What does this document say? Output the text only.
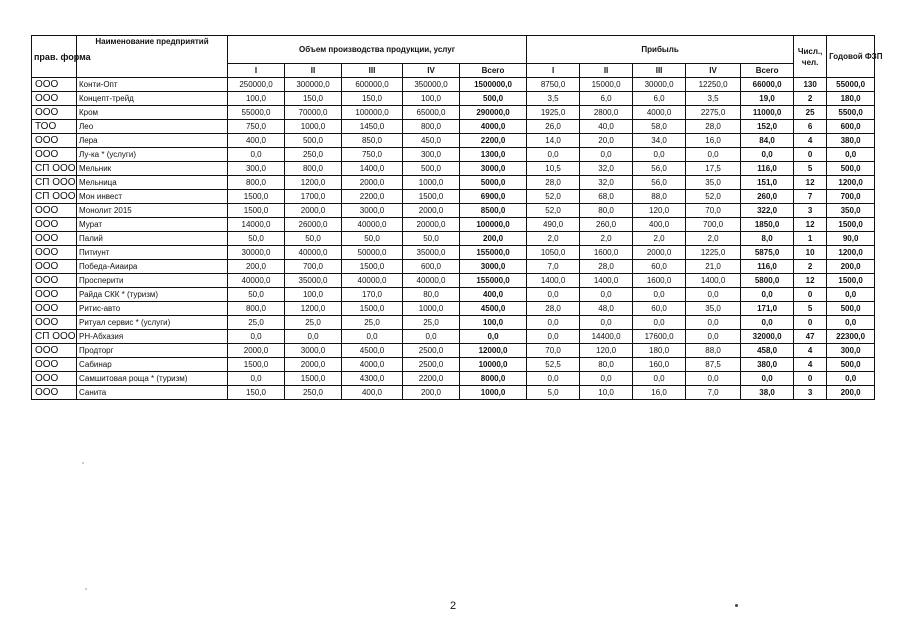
прав. форма	Наименование предприятий	Объем производства продукции, услуг					Прибыль					Числ., чел.	Годовой ФЗП
		I	II	III	IV	Всего	I	II	III	IV	Всего		
ООО	Конти-Опт	250000,0	300000,0	600000,0	350000,0	1500000,0	8750,0	15000,0	30000,0	12250,0	66000,0	130	55000,0
ООО	Концепт-трейд	100,0	150,0	150,0	100,0	500,0	3,5	6,0	6,0	3,5	19,0	2	180,0
ООО	Кром	55000,0	70000,0	100000,0	65000,0	290000,0	1925,0	2800,0	4000,0	2275,0	11000,0	25	5500,0
ТОО	Лео	750,0	1000,0	1450,0	800,0	4000,0	26,0	40,0	58,0	28,0	152,0	6	600,0
ООО	Лера	400,0	500,0	850,0	450,0	2200,0	14,0	20,0	34,0	16,0	84,0	4	380,0
ООО	Лу-ка * (услуги)	0,0	250,0	750,0	300,0	1300,0	0,0	0,0	0,0	0,0	0,0	0	0,0
СП ООО	Мельник	300,0	800,0	1400,0	500,0	3000,0	10,5	32,0	56,0	17,5	116,0	5	500,0
СП ООО	Мельница	800,0	1200,0	2000,0	1000,0	5000,0	28,0	32,0	56,0	35,0	151,0	12	1200,0
СП ООО	Мон инвест	1500,0	1700,0	2200,0	1500,0	6900,0	52,0	68,0	88,0	52,0	260,0	7	700,0
ООО	Монолит 2015	1500,0	2000,0	3000,0	2000,0	8500,0	52,0	80,0	120,0	70,0	322,0	3	350,0
ООО	Мурат	14000,0	26000,0	40000,0	20000,0	100000,0	490,0	260,0	400,0	700,0	1850,0	12	1500,0
ООО	Палий	50,0	50,0	50,0	50,0	200,0	2,0	2,0	2,0	2,0	8,0	1	90,0
ООО	Питиунт	30000,0	40000,0	50000,0	35000,0	155000,0	1050,0	1600,0	2000,0	1225,0	5875,0	10	1200,0
ООО	Победа-Аиаира	200,0	700,0	1500,0	600,0	3000,0	7,0	28,0	60,0	21,0	116,0	2	200,0
ООО	Просперити	40000,0	35000,0	40000,0	40000,0	155000,0	1400,0	1400,0	1600,0	1400,0	5800,0	12	1500,0
ООО	Райда СКК * (туризм)	50,0	100,0	170,0	80,0	400,0	0,0	0,0	0,0	0,0	0,0	0	0,0
ООО	Ритис-авто	800,0	1200,0	1500,0	1000,0	4500,0	28,0	48,0	60,0	35,0	171,0	5	500,0
ООО	Ритуал сервис * (услуги)	25,0	25,0	25,0	25,0	100,0	0,0	0,0	0,0	0,0	0,0	0	0,0
СП ООО	РН-Абхазия	0,0	0,0	0,0	0,0	0,0	0,0	14400,0	17600,0	0,0	32000,0	47	22300,0
ООО	Продторг	2000,0	3000,0	4500,0	2500,0	12000,0	70,0	120,0	180,0	88,0	458,0	4	300,0
ООО	Сабинар	1500,0	2000,0	4000,0	2500,0	10000,0	52,5	80,0	160,0	87,5	380,0	4	500,0
ООО	Самшитовая роща * (туризм)	0,0	1500,0	4300,0	2200,0	8000,0	0,0	0,0	0,0	0,0	0,0	0	0,0
ООО	Санита	150,0	250,0	400,0	200,0	1000,0	5,0	10,0	16,0	7,0	38,0	3	200,0
2
